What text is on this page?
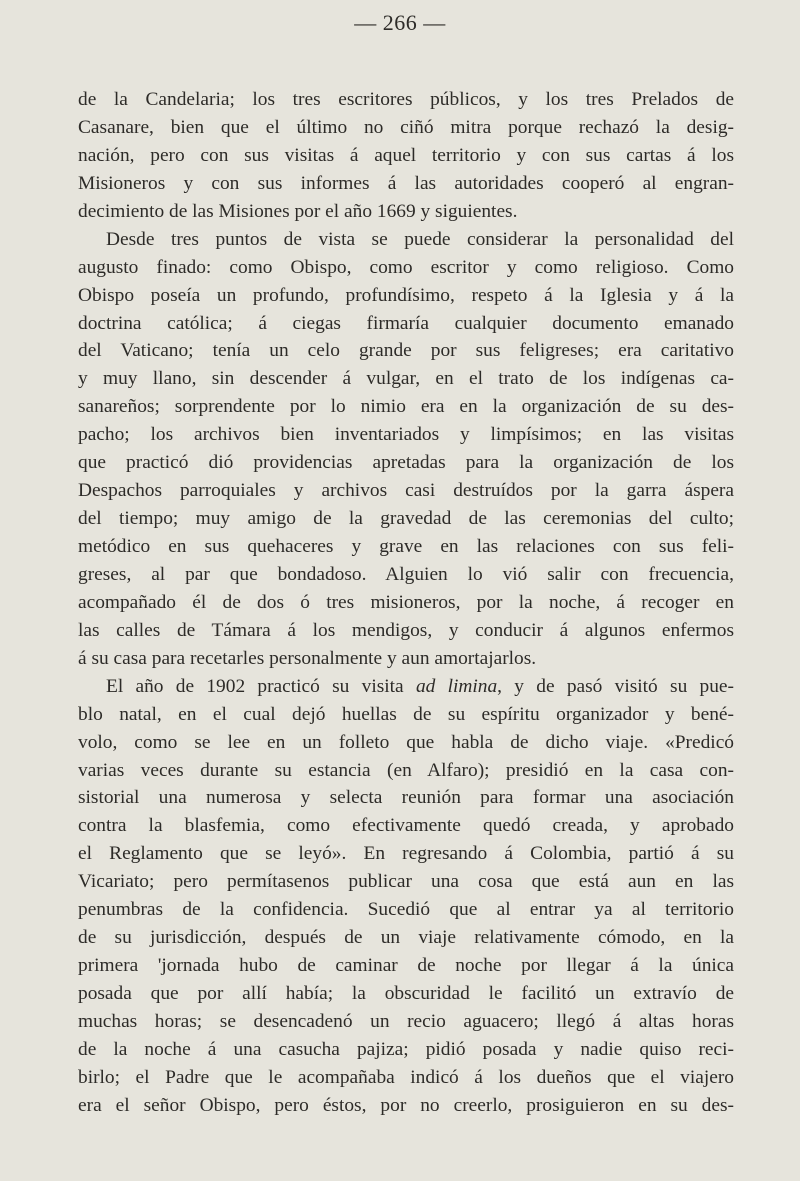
— 266 —
de la Candelaria; los tres escritores públicos, y los tres Prelados de
Casanare, bien que el último no ciñó mitra porque rechazó la desig-
nación, pero con sus visitas á aquel territorio y con sus cartas á los
Misioneros y con sus informes á las autoridades cooperó al engran-
decimiento de las Misiones por el año 1669 y siguientes.
Desde tres puntos de vista se puede considerar la personalidad del
augusto finado: como Obispo, como escritor y como religioso. Como
Obispo poseía un profundo, profundísimo, respeto á la Iglesia y á la
doctrina católica; á ciegas firmaría cualquier documento emanado
del Vaticano; tenía un celo grande por sus feligreses; era caritativo
y muy llano, sin descender á vulgar, en el trato de los indígenas ca-
sanareños; sorprendente por lo nimio era en la organización de su des-
pacho; los archivos bien inventariados y limpísimos; en las visitas
que practicó dió providencias apretadas para la organización de los
Despachos parroquiales y archivos casi destruídos por la garra áspera
del tiempo; muy amigo de la gravedad de las ceremonias del culto;
metódico en sus quehaceres y grave en las relaciones con sus feli-
greses, al par que bondadoso. Alguien lo vió salir con frecuencia,
acompañado él de dos ó tres misioneros, por la noche, á recoger en
las calles de Támara á los mendigos, y conducir á algunos enfermos
á su casa para recetarles personalmente y aun amortajarlos.
El año de 1902 practicó su visita ad limina, y de pasó visitó su pue-
blo natal, en el cual dejó huellas de su espíritu organizador y bené-
volo, como se lee en un folleto que habla de dicho viaje. «Predicó
varias veces durante su estancia (en Alfaro); presidió en la casa con-
sistorial una numerosa y selecta reunión para formar una asociación
contra la blasfemia, como efectivamente quedó creada, y aprobado
el Reglamento que se leyó». En regresando á Colombia, partió á su
Vicariato; pero permítasenos publicar una cosa que está aun en las
penumbras de la confidencia. Sucedió que al entrar ya al territorio
de su jurisdicción, después de un viaje relativamente cómodo, en la
primera 'jornada hubo de caminar de noche por llegar á la única
posada que por allí había; la obscuridad le facilitó un extravío de
muchas horas; se desencadenó un recio aguacero; llegó á altas horas
de la noche á una casucha pajiza; pidió posada y nadie quiso reci-
birlo; el Padre que le acompañaba indicó á los dueños que el viajero
era el señor Obispo, pero éstos, por no creerlo, prosiguieron en su des-
